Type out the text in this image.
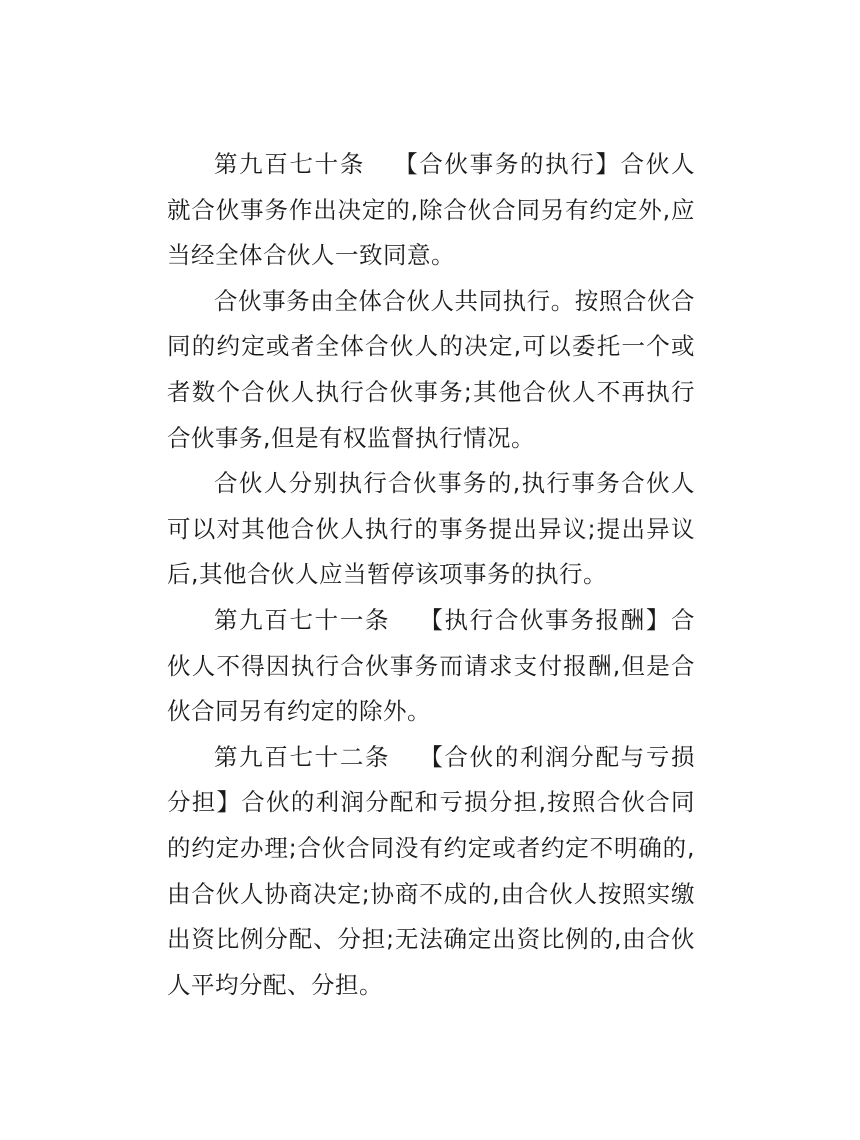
第九百七十条 【合伙事务的执行】合伙人就合伙事务作出决定的,除合伙合同另有约定外,应当经全体合伙人一致同意。

合伙事务由全体合伙人共同执行。按照合伙合同的约定或者全体合伙人的决定,可以委托一个或者数个合伙人执行合伙事务;其他合伙人不再执行合伙事务,但是有权监督执行情况。

合伙人分别执行合伙事务的,执行事务合伙人可以对其他合伙人执行的事务提出异议;提出异议后,其他合伙人应当暂停该项事务的执行。

第九百七十一条 【执行合伙事务报酬】合伙人不得因执行合伙事务而请求支付报酬,但是合伙合同另有约定的除外。

第九百七十二条 【合伙的利润分配与亏损分担】合伙的利润分配和亏损分担,按照合伙合同的约定办理;合伙合同没有约定或者约定不明确的,由合伙人协商决定;协商不成的,由合伙人按照实缴出资比例分配、分担;无法确定出资比例的,由合伙人平均分配、分担。
